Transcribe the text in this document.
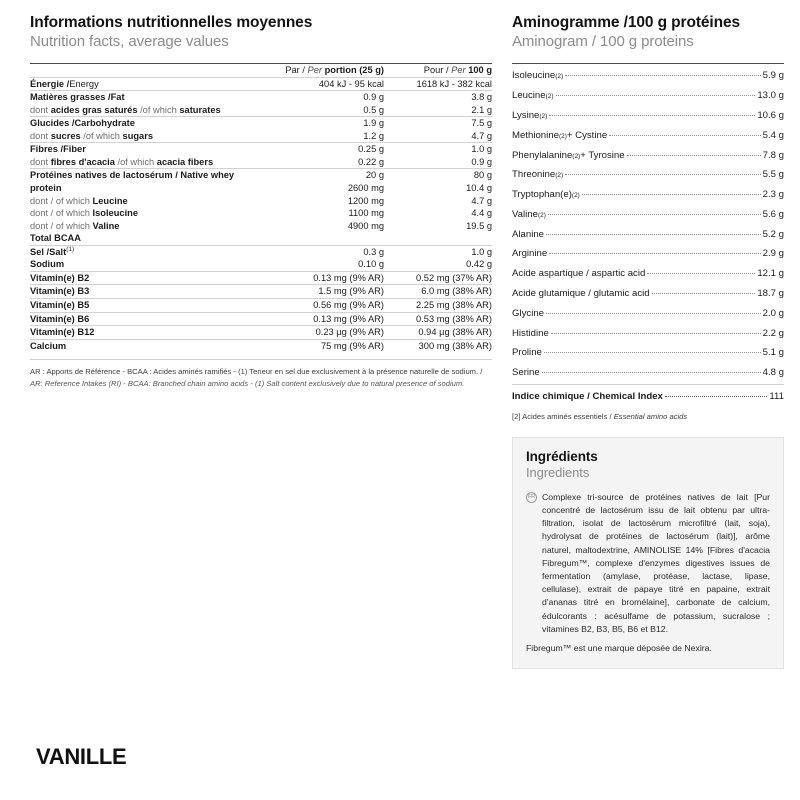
Informations nutritionnelles moyennes
Nutrition facts, average values
	Par / Per portion (25 g)	Pour / Per 100 g
Énergie /Energy	404 kJ - 95 kcal	1618 kJ - 382 kcal
Matières grasses /Fat	0.9 g	3.8 g
dont acides gras saturés /of which saturates	0.5 g	2.1 g
Glucides /Carbohydrate	1.9 g	7.5 g
dont sucres /of which sugars	1.2 g	4.7 g
Fibres /Fiber	0.25 g	1.0 g
dont fibres d'acacia /of which acacia fibers	0.22 g	0.9 g
Protéines natives de lactosérum / Native whey	20 g	80 g
protein	2600 mg	10.4 g
dont / of which Leucine	1200 mg	4.7 g
dont / of which Isoleucine	1100 mg	4.4 g
dont / of which Valine	4900 mg	19.5 g
Total BCAA		
Sel /Salt$^{(1)}$	0.3 g	1.0 g
Sodium	0.10 g	0.42 g
Vitamin(e) B2	0.13 mg (9% AR)	0.52 mg (37% AR)
Vitamin(e) B3	1.5 mg (9% AR)	6.0 mg (38% AR)
Vitamin(e) B5	0.56 mg (9% AR)	2.25 mg (38% AR)
Vitamin(e) B6	0.13 mg (9% AR)	0.53 mg (38% AR)
Vitamin(e) B12	0.23 µg (9% AR)	0.94 µg (38% AR)
Calcium	75 mg (9% AR)	300 mg (38% AR)
AR : Apports de Référence - BCAA : Acides aminés ramifiés - (1) Teneur en sel due exclusivement à la présence naturelle de sodium. / AR: Reference Intakes (RI) - BCAA: Branched chain amino acids - (1) Salt content exclusively due to natural presence of sodium.
Aminogramme /100 g protéines
Aminogram / 100 g proteins
Isoleucine (2)	5.9 g
Leucine (2)	13.0 g
Lysine (2)	10.6 g
Methionine (2) + Cystine	5.4 g
Phenylalanine (2) + Tyrosine	7.8 g
Threonine (2)	5.5 g
Tryptophan(e) (2)	2.3 g
Valine (2)	5.6 g
Alanine	5.2 g
Arginine	2.9 g
Acide aspartique / aspartic acid	12.1 g
Acide glutamique / glutamic acid	18.7 g
Glycine	2.0 g
Histidine	2.2 g
Proline	5.1 g
Serine	4.8 g
Indice chimique / Chemical Index	111
[2] Acides aminés essentiels / Essential amino acids
Ingrédients
Ingredients
FR Complexe tri-source de protéines natives de lait [Pur concentré de lactosérum issu de lait obtenu par ultra-filtration, isolat de lactosérum microfiltré (lait, soja), hydrolysat de protéines de lactosérum (lait)], arôme naturel, maltodextrine, AMINOLISE 14% [Fibres d'acacia Fibregum™, complexe d'enzymes digestives issues de fermentation (amylase, protéase, lactase, lipase, cellulase), extrait de papaye titré en papaine, extrait d'ananas titré en bromélaine], carbonate de calcium, édulcorants : acésulfame de potassium, sucralose ; vitamines B2, B3, B5, B6 et B12.
Fibregum™ est une marque déposée de Nexira.
VANILLE
